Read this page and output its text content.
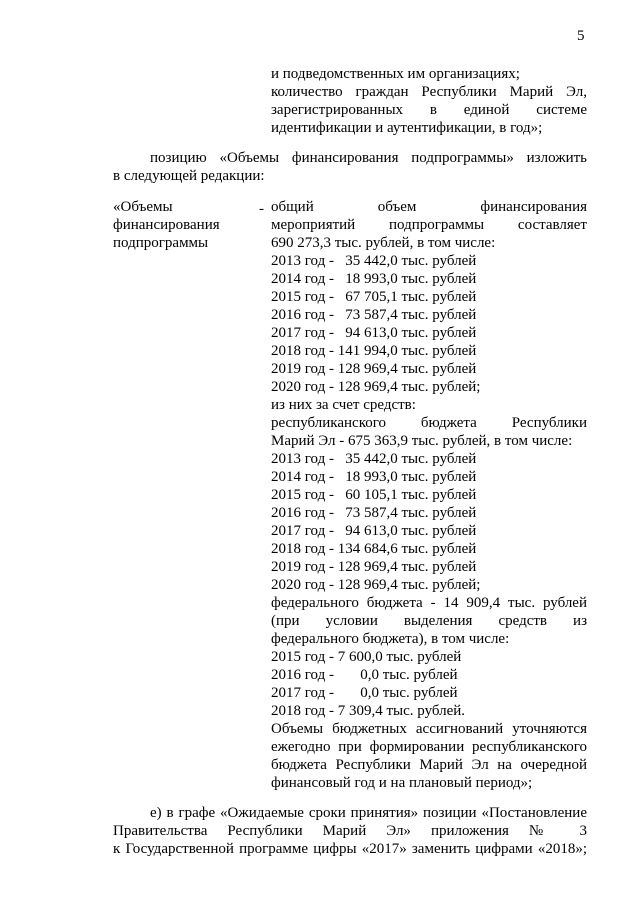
5
и подведомственных им организациях;
количество граждан Республики Марий Эл,
зарегистрированных в единой системе
идентификации и аутентификации, в год»;
позицию «Объемы финансирования подпрограммы» изложить
в следующей редакции:
«Объемы
финансирования
подпрограммы
- общий объем финансирования
мероприятий подпрограммы составляет
690 273,3 тыс. рублей, в том числе:
2013 год -   35 442,0 тыс. рублей
2014 год -   18 993,0 тыс. рублей
2015 год -   67 705,1 тыс. рублей
2016 год -   73 587,4 тыс. рублей
2017 год -   94 613,0 тыс. рублей
2018 год - 141 994,0 тыс. рублей
2019 год - 128 969,4 тыс. рублей
2020 год - 128 969,4 тыс. рублей;
из них за счет средств:
республиканского бюджета Республики
Марий Эл - 675 363,9 тыс. рублей, в том числе:
2013 год -   35 442,0 тыс. рублей
2014 год -   18 993,0 тыс. рублей
2015 год -   60 105,1 тыс. рублей
2016 год -   73 587,4 тыс. рублей
2017 год -   94 613,0 тыс. рублей
2018 год - 134 684,6 тыс. рублей
2019 год - 128 969,4 тыс. рублей
2020 год - 128 969,4 тыс. рублей;
федерального бюджета - 14 909,4 тыс. рублей
(при условии выделения средств из
федерального бюджета), в том числе:
2015 год - 7 600,0 тыс. рублей
2016 год -       0,0 тыс. рублей
2017 год -       0,0 тыс. рублей
2018 год - 7 309,4 тыс. рублей.
Объемы бюджетных ассигнований уточняются
ежегодно при формировании республиканского
бюджета Республики Марий Эл на очередной
финансовый год и на плановый период»;
е) в графе «Ожидаемые сроки принятия» позиции «Постановление
Правительства Республики Марий Эл» приложения № 3
к Государственной программе цифры «2017» заменить цифрами «2018»;
